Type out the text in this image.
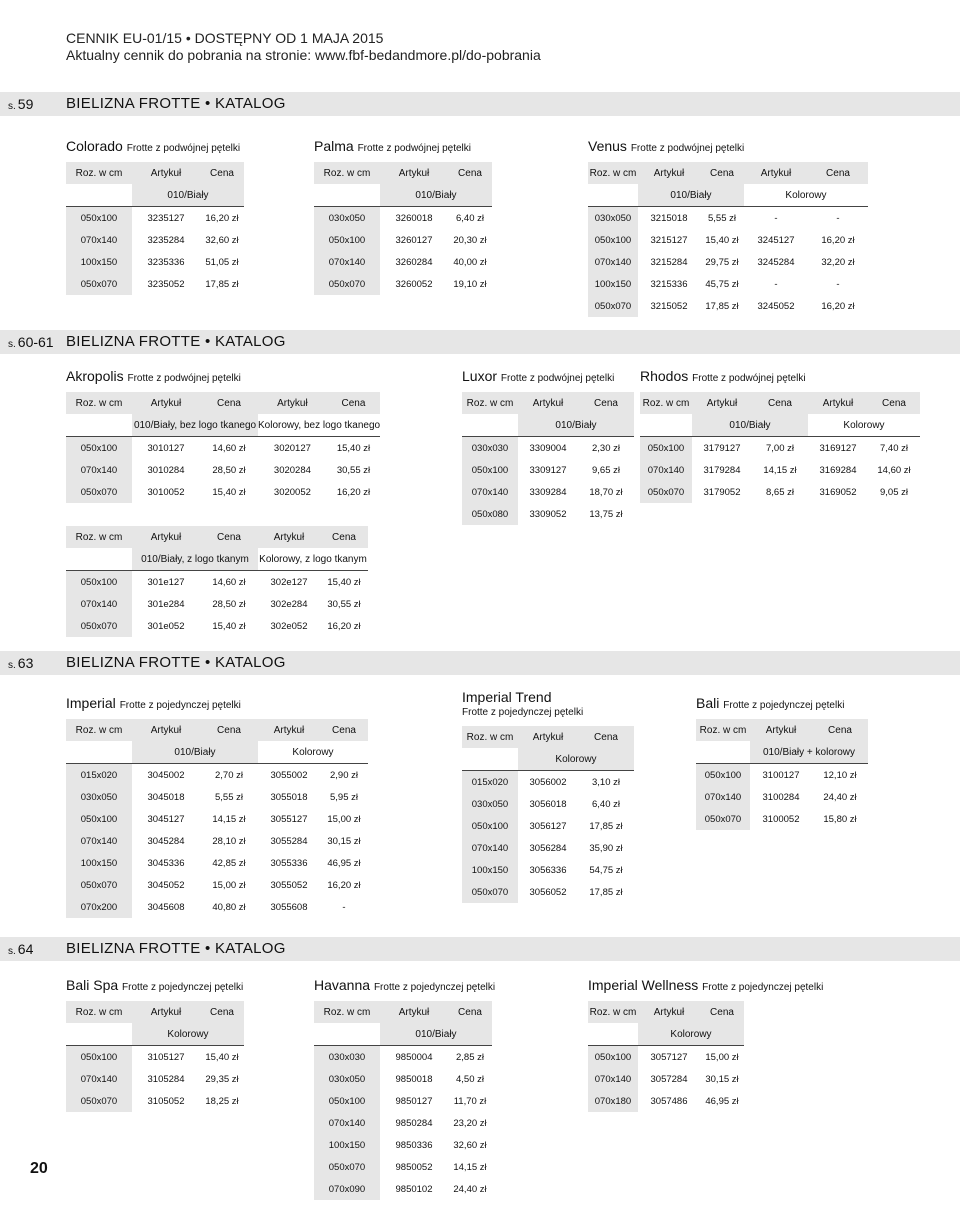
CENNIK EU-01/15 • DOSTĘPNY OD 1 MAJA 2015
Aktualny cennik do pobrania na stronie: www.fbf-bedandmore.pl/do-pobrania
s. 59 BIELIZNA FROTTE • KATALOG
s. 60-61 BIELIZNA FROTTE • KATALOG
s. 63 BIELIZNA FROTTE • KATALOG
s. 64 BIELIZNA FROTTE • KATALOG
Colorado Frotte z podwójnej pętelki
Roz. w cm	Artykuł	Cena
	010/Biały	
050x100	3235127	16,20 zł
070x140	3235284	32,60 zł
100x150	3235336	51,05 zł
050x070	3235052	17,85 zł
Palma Frotte z podwójnej pętelki
Roz. w cm	Artykuł	Cena
	010/Biały	
030x050	3260018	6,40 zł
050x100	3260127	20,30 zł
070x140	3260284	40,00 zł
050x070	3260052	19,10 zł
Venus Frotte z podwójnej pętelki
Roz. w cm	Artykuł	Cena	Artykuł	Cena
	010/Biały		Kolorowy	
030x050	3215018	5,55 zł	-	-
050x100	3215127	15,40 zł	3245127	16,20 zł
070x140	3215284	29,75 zł	3245284	32,20 zł
100x150	3215336	45,75 zł	-	-
050x070	3215052	17,85 zł	3245052	16,20 zł
Akropolis Frotte z podwójnej pętelki
Roz. w cm	Artykuł	Cena	Artykuł	Cena
	010/Biały, bez logo tkanego		Kolorowy, bez logo tkanego	
050x100	3010127	14,60 zł	3020127	15,40 zł
070x140	3010284	28,50 zł	3020284	30,55 zł
050x070	3010052	15,40 zł	3020052	16,20 zł
Roz. w cm	Artykuł	Cena	Artykuł	Cena
	010/Biały, z logo tkanym		Kolorowy, z logo tkanym	
050x100	301e127	14,60 zł	302e127	15,40 zł
070x140	301e284	28,50 zł	302e284	30,55 zł
050x070	301e052	15,40 zł	302e052	16,20 zł
Luxor Frotte z podwójnej pętelki
Roz. w cm	Artykuł	Cena
	010/Biały	
030x030	3309004	2,30 zł
050x100	3309127	9,65 zł
070x140	3309284	18,70 zł
050x080	3309052	13,75 zł
Rhodos Frotte z podwójnej pętelki
Roz. w cm	Artykuł	Cena	Artykuł	Cena
	010/Biały		Kolorowy	
050x100	3179127	7,00 zł	3169127	7,40 zł
070x140	3179284	14,15 zł	3169284	14,60 zł
050x070	3179052	8,65 zł	3169052	9,05 zł
Imperial Frotte z pojedynczej pętelki
Roz. w cm	Artykuł	Cena	Artykuł	Cena
	010/Biały		Kolorowy	
015x020	3045002	2,70 zł	3055002	2,90 zł
030x050	3045018	5,55 zł	3055018	5,95 zł
050x100	3045127	14,15 zł	3055127	15,00 zł
070x140	3045284	28,10 zł	3055284	30,15 zł
100x150	3045336	42,85 zł	3055336	46,95 zł
050x070	3045052	15,00 zł	3055052	16,20 zł
070x200	3045608	40,80 zł	3055608	-
Imperial Trend
Frotte z pojedynczej pętelki
Roz. w cm	Artykuł	Cena
	Kolorowy	
015x020	3056002	3,10 zł
030x050	3056018	6,40 zł
050x100	3056127	17,85 zł
070x140	3056284	35,90 zł
100x150	3056336	54,75 zł
050x070	3056052	17,85 zł
Bali Frotte z pojedynczej pętelki
Roz. w cm	Artykuł	Cena
	010/Biały + kolorowy	
050x100	3100127	12,10 zł
070x140	3100284	24,40 zł
050x070	3100052	15,80 zł
Bali Spa Frotte z pojedynczej pętelki
Roz. w cm	Artykuł	Cena
	Kolorowy	
050x100	3105127	15,40 zł
070x140	3105284	29,35 zł
050x070	3105052	18,25 zł
Havanna Frotte z pojedynczej pętelki
Roz. w cm	Artykuł	Cena
	010/Biały	
030x030	9850004	2,85 zł
030x050	9850018	4,50 zł
050x100	9850127	11,70 zł
070x140	9850284	23,20 zł
100x150	9850336	32,60 zł
050x070	9850052	14,15 zł
070x090	9850102	24,40 zł
Imperial Wellness Frotte z pojedynczej pętelki
Roz. w cm	Artykuł	Cena
	Kolorowy	
050x100	3057127	15,00 zł
070x140	3057284	30,15 zł
070x180	3057486	46,95 zł
20
